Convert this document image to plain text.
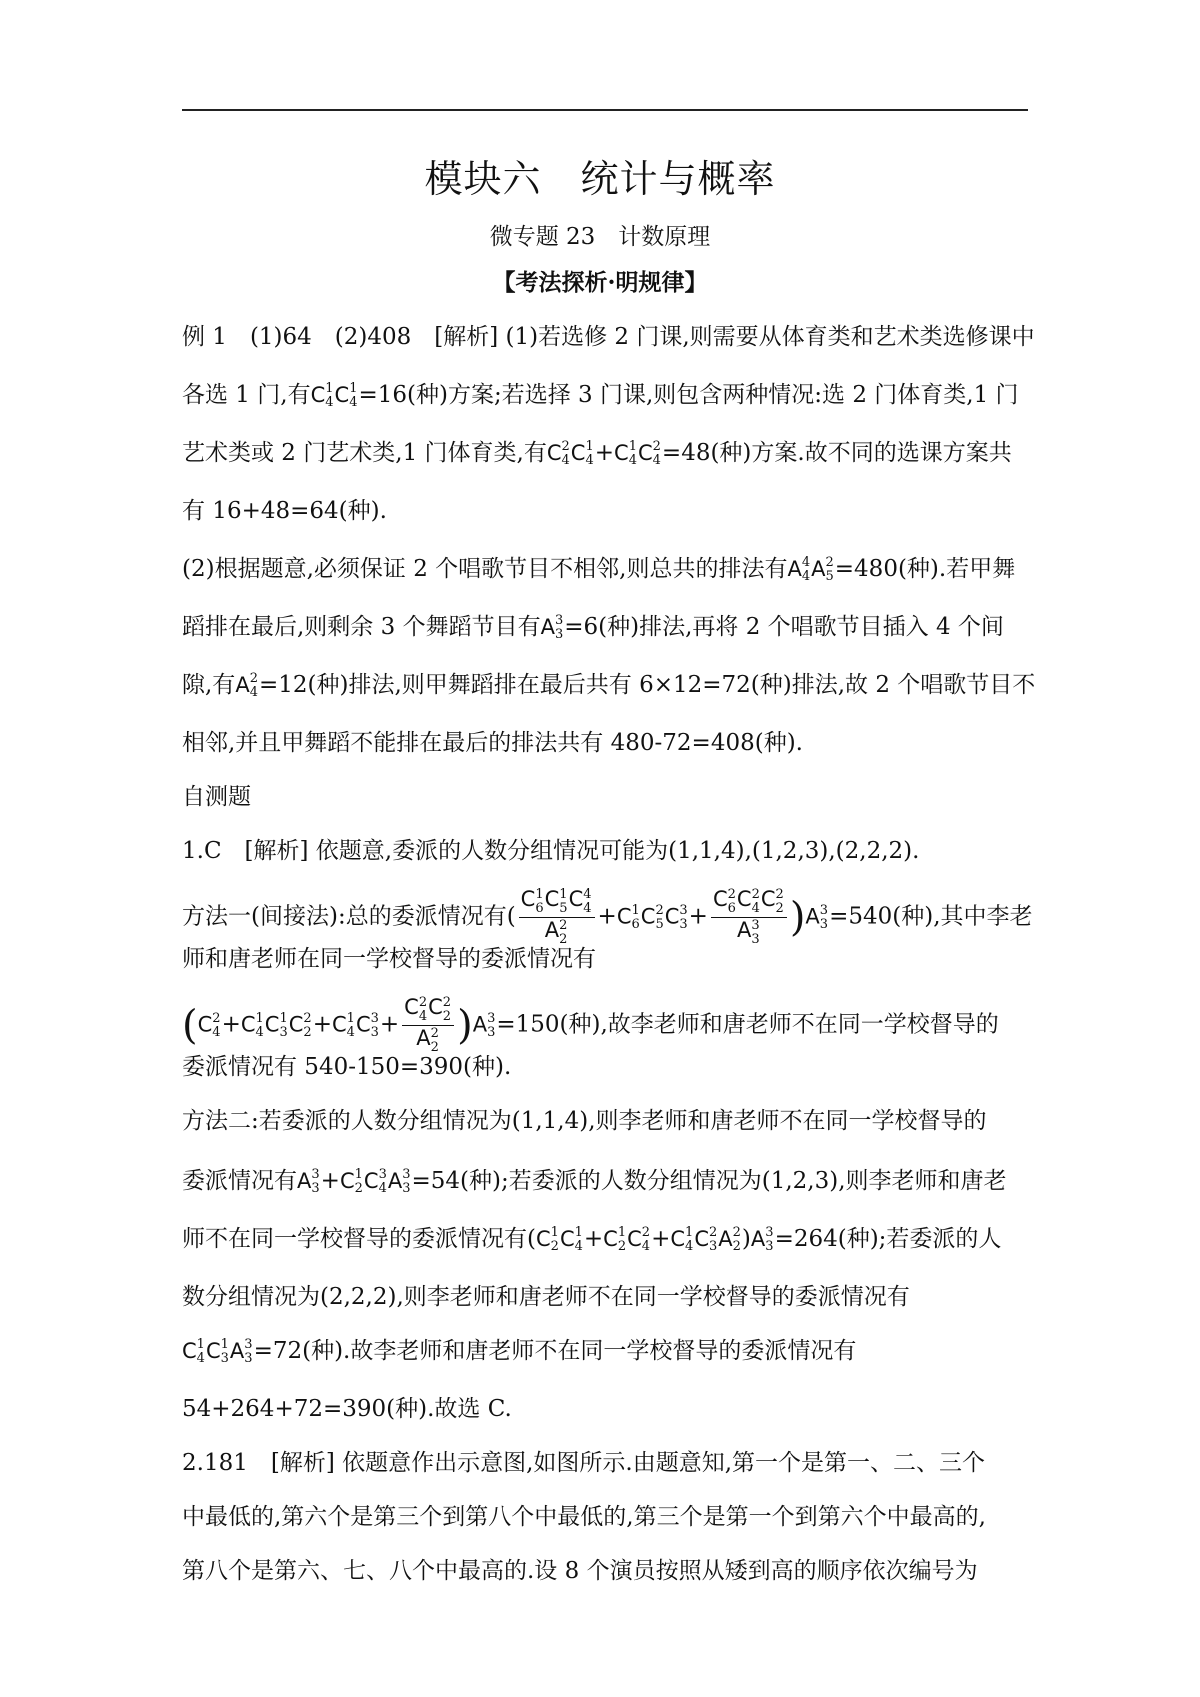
模块六　统计与概率
微专题 23　计数原理
【考法探析·明规律】
例 1　(1)64　(2)408　[解析] (1)若选修 2 门课,则需要从体育类和艺术类选修课中
各选 1 门,有C 1
4 C 1
4 =16(种)方案;若选择 3 门课,则包含两种情况:选 2 门体育类,1 门
艺术类或 2 门艺术类,1 门体育类,有C 2
4 C 1
4 +C 1
4 C 2
4 =48(种)方案.故不同的选课方案共
有 16+48=64(种).
(2)根据题意,必须保证 2 个唱歌节目不相邻,则总共的排法有A 4
4 A 2
5 =480(种).若甲舞
蹈排在最后,则剩余 3 个舞蹈节目有A 3
3 =6(种)排法,再将 2 个唱歌节目插入 4 个间
隙,有A 2
4 =12(种)排法,则甲舞蹈排在最后共有 6×12=72(种)排法,故 2 个唱歌节目不
相邻,并且甲舞蹈不能排在最后的排法共有 480-72=408(种).
自测题
1.C　[解析] 依题意,委派的人数分组情况可能为(1,1,4),(1,2,3),(2,2,2).
方法一(间接法):总的委派情况有( C 1
6 C 1
5 C 4
4
A 2
2 +C 1
6 C 2
5 C 3
3 + C 2
6 C 2
4 C 2
2
A 3
3 )A 3
3 =540(种),其中李老
师和唐老师在同一学校督导的委派情况有
(C 2
4 +C 1
4 C 1
3 C 2
2 +C 1
4 C 3
3 + C 2
4 C 2
2
A 2
2 )A 3
3 =150(种),故李老师和唐老师不在同一学校督导的
委派情况有 540-150=390(种).
方法二:若委派的人数分组情况为(1,1,4),则李老师和唐老师不在同一学校督导的
委派情况有A 3
3 +C 1
2 C 3
4 A 3
3 =54(种);若委派的人数分组情况为(1,2,3),则李老师和唐老
师不在同一学校督导的委派情况有(C 1
2 C 1
4 +C 1
2 C 2
4 +C 1
4 C 2
3 A 2
2 )A 3
3 =264(种);若委派的人
数分组情况为(2,2,2),则李老师和唐老师不在同一学校督导的委派情况有
C 1
4 C 1
3 A 3
3 =72(种).故李老师和唐老师不在同一学校督导的委派情况有
54+264+72=390(种).故选 C.
2.181　[解析] 依题意作出示意图,如图所示.由题意知,第一个是第一、二、三个
中最低的,第六个是第三个到第八个中最低的,第三个是第一个到第六个中最高的,
第八个是第六、七、八个中最高的.设 8 个演员按照从矮到高的顺序依次编号为
